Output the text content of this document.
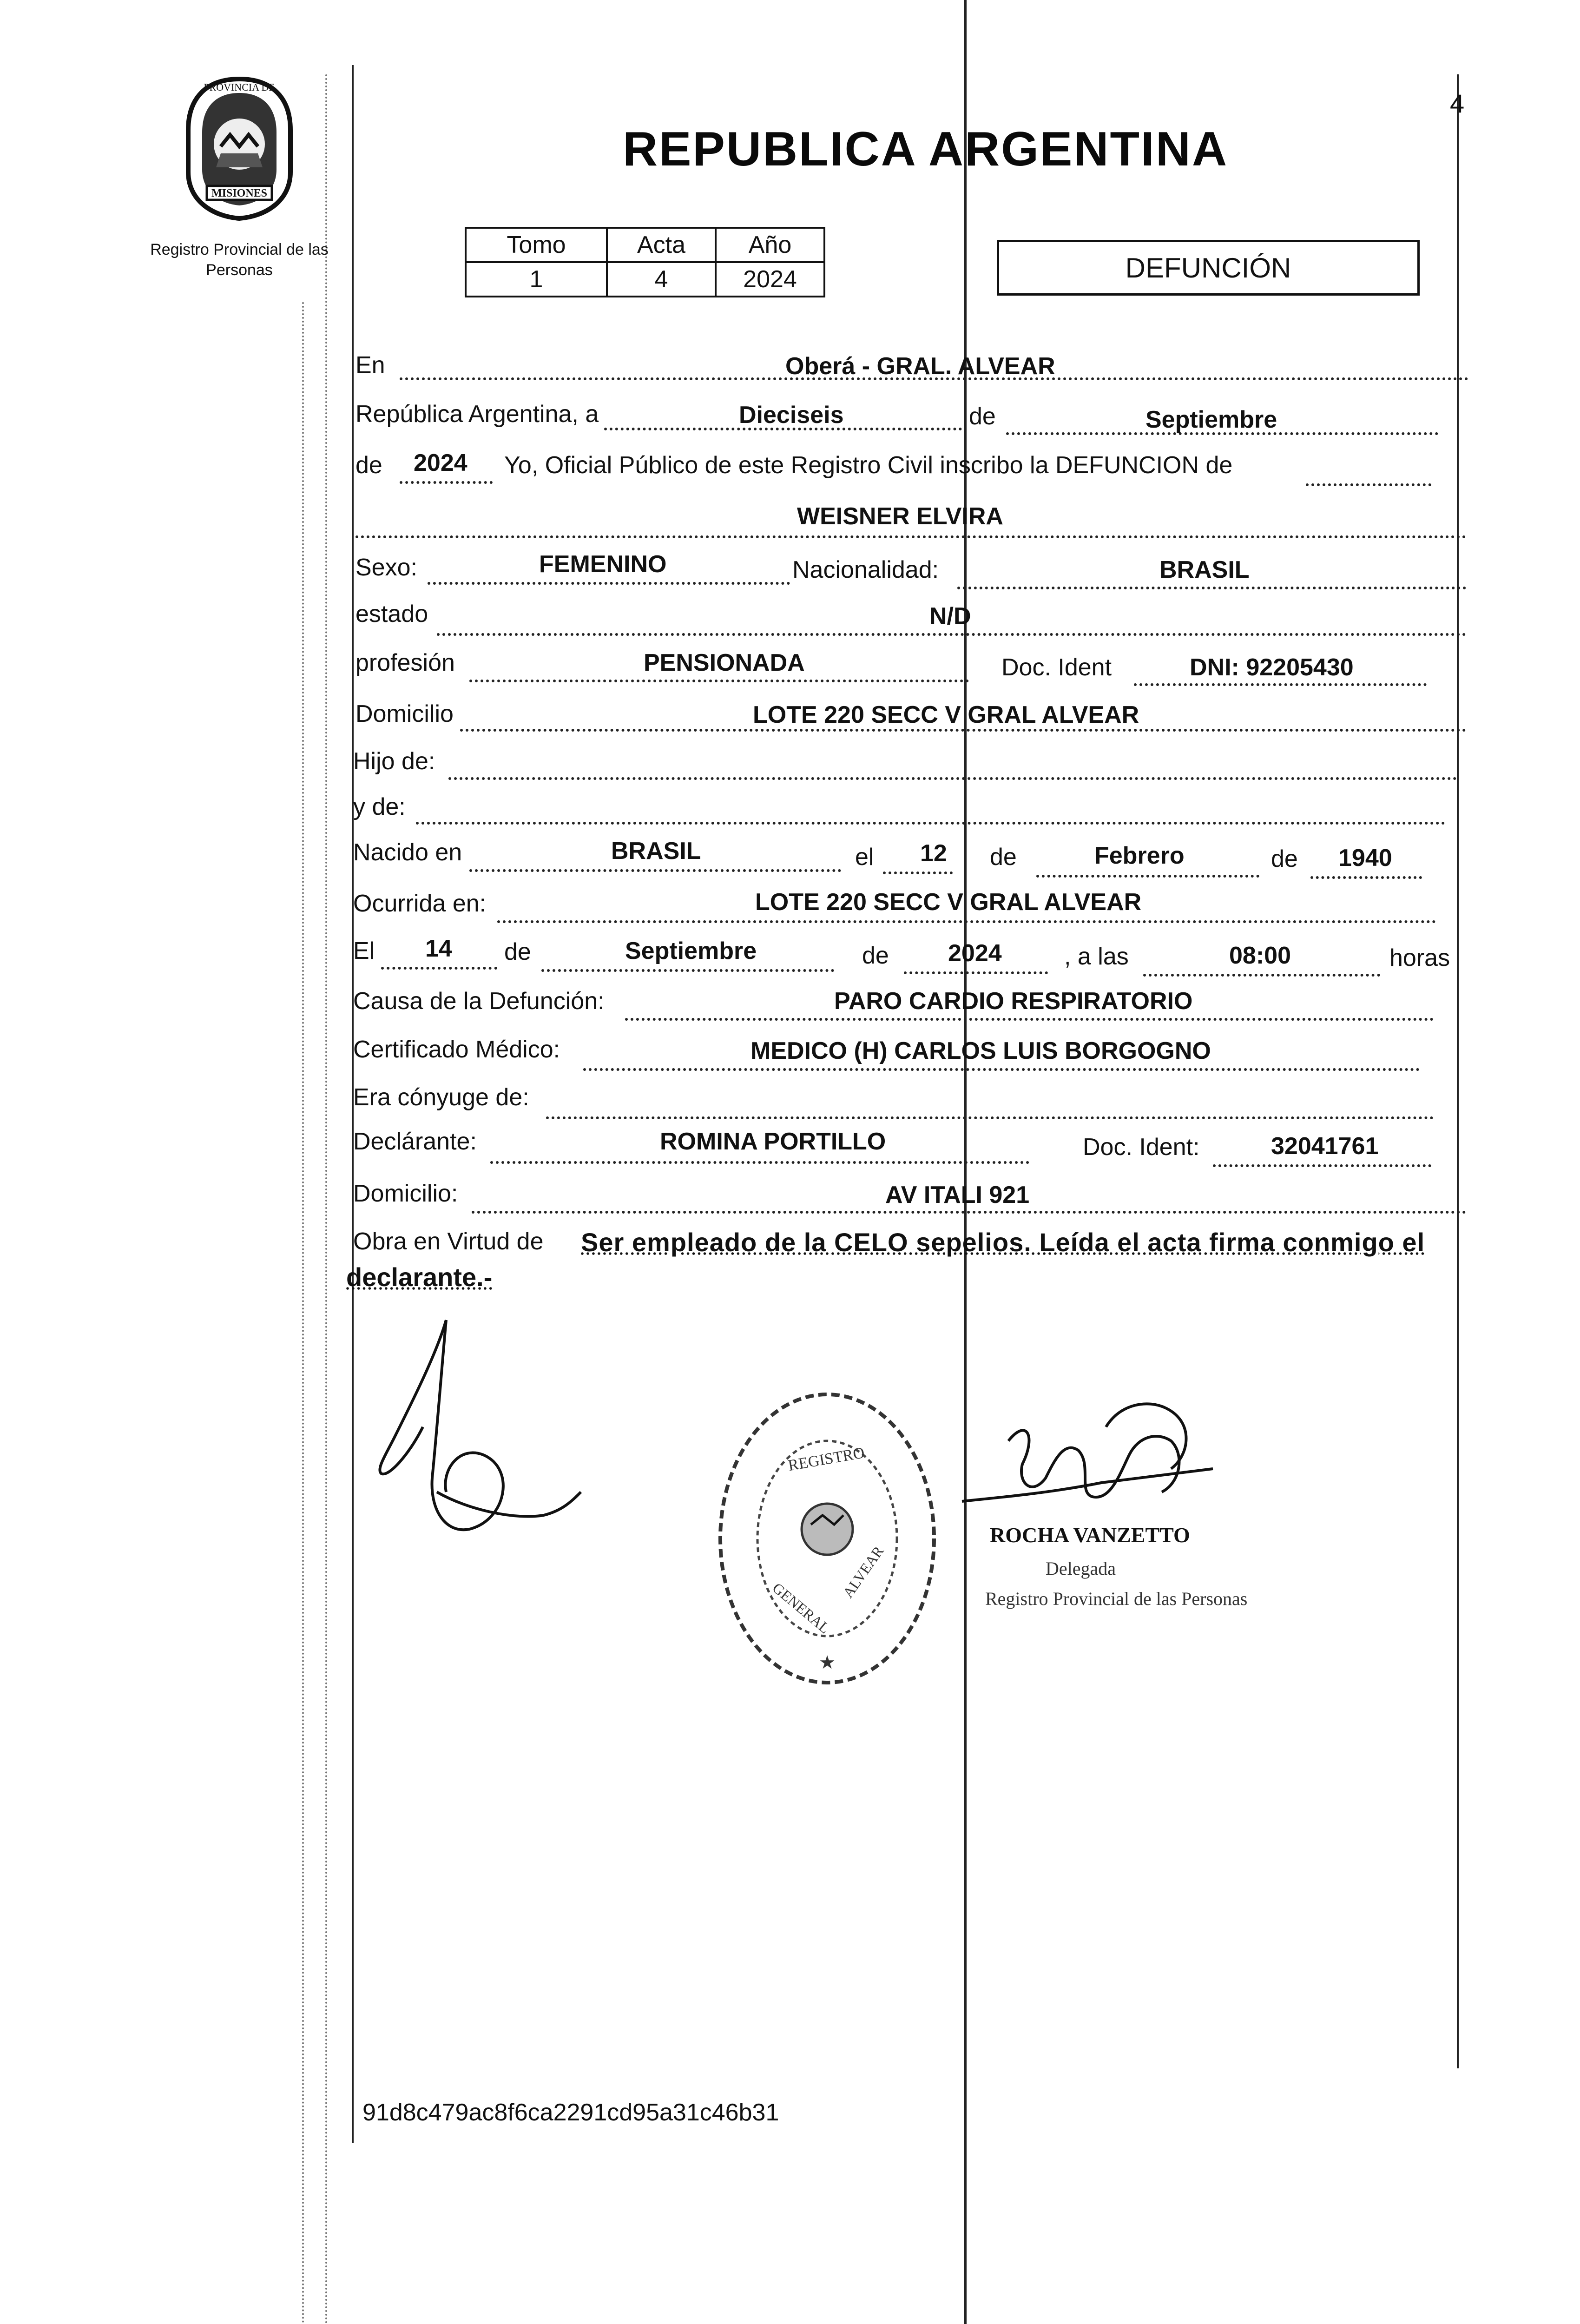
MISIONES
PROVINCIA DE
Registro Provincial de las Personas
REPUBLICA ARGENTINA
4
Tomo	Acta	Año
1	4	2024	DEFUNCIÓN
En	Oberá - GRAL. ALVEAR
República Argentina, a	Dieciseis	de	Septiembre
de 2024 Yo, Oficial Público de este Registro Civil inscribo la DEFUNCION de
WEISNER ELVIRA
Sexo:	FEMENINO	Nacionalidad:	BRASIL
estado	N/D
profesión	PENSIONADA	Doc. Ident	DNI: 92205430
Domicilio	LOTE 220 SECC V GRAL ALVEAR
Hijo de:
y de:
Nacido en	BRASIL	el 12 de	Febrero	de 1940
Ocurrida en:	LOTE 220 SECC V GRAL ALVEAR
El 14 de	Septiembre	de 2024	, a las	08:00	horas
Causa de la Defunción:	PARO CARDIO RESPIRATORIO
Certificado Médico:	MEDICO (H) CARLOS LUIS BORGOGNO
Era cónyuge de:
Declárante:	ROMINA PORTILLO	Doc. Ident:	32041761
Domicilio:	AV ITALI 921
Obra en Virtud de Ser empleado de la CELO sepelios. Leída el acta firma conmigo el
declarante.-
REGISTRO
GENERAL
ALVEAR
★
ROCHA VANZETTO
Delegada
Registro Provincial de las Personas
91d8c479ac8f6ca2291cd95a31c46b31
